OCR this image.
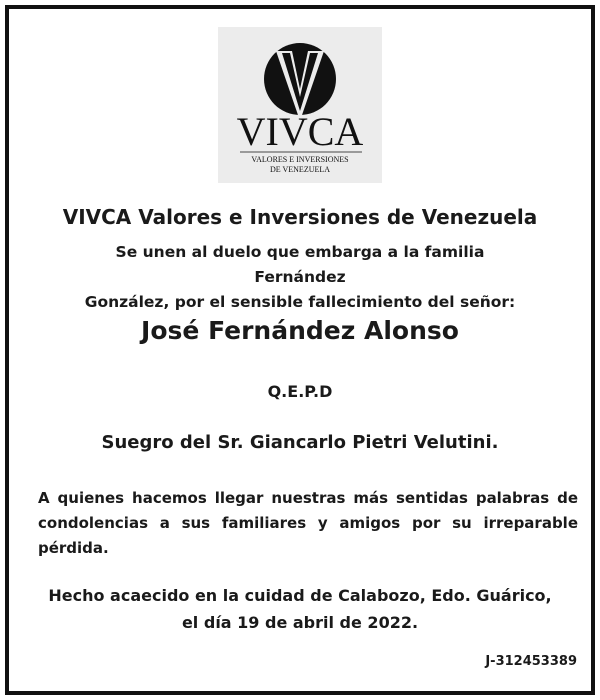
VIVCA
VALORES E INVERSIONES
DE VENEZUELA
VIVCA Valores e Inversiones de Venezuela
Se unen al duelo que embarga a la familia Fernández
González, por el sensible fallecimiento del señor:
José Fernández Alonso
Q.E.P.D
Suegro del Sr. Giancarlo Pietri Velutini.
A quienes hacemos llegar nuestras más sentidas palabras de condolencias a sus familiares y amigos por su irreparable pérdida.
Hecho acaecido en la cuidad de Calabozo, Edo. Guárico,
el día 19 de abril de 2022.
J-312453389
